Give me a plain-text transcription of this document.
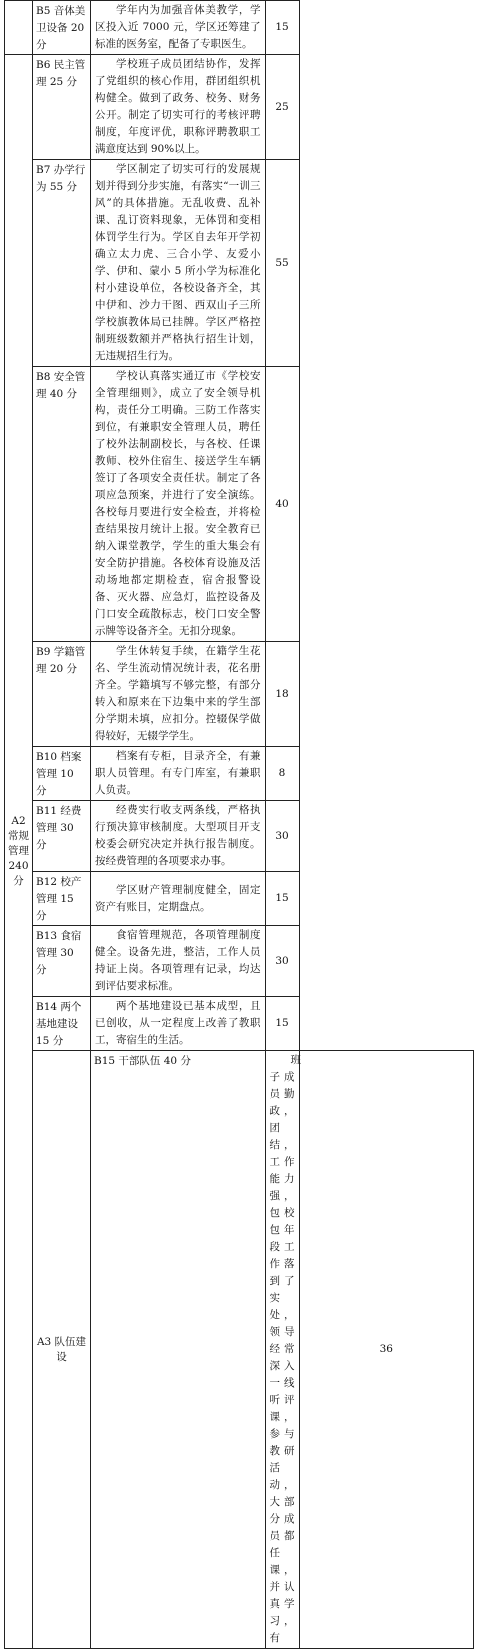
	B5 音体美卫设备 20 分	学年内为加强音体美教学，学区投入近 7000 元，学区还筹建了标准的医务室，配备了专职医生。	15	
A2 常规管理 240 分	B6 民主管理 25 分	学校班子成员团结协作，发挥了党组织的核心作用，群团组织机构健全。做到了政务、校务、财务公开。制定了切实可行的考核评聘制度，年度评优，职称评聘教职工满意度达到 90%以上。	25	
	B7 办学行为 55 分	学区制定了切实可行的发展规划并得到分步实施，有落实“一训三风”的具体措施。无乱收费、乱补课、乱订资料现象，无体罚和变相体罚学生行为。学区自去年开学初确立太力虎、三合小学、友爱小学、伊和、蒙小 5 所小学为标准化村小建设单位，各校设备齐全，其中伊和、沙力干图、西双山子三所学校旗教体局已挂牌。学区严格控制班级数额并严格执行招生计划，无违规招生行为。	55	
	B8 安全管理 40 分	学校认真落实通辽市《学校安全管理细则》，成立了安全领导机构，责任分工明确。三防工作落实到位，有兼职安全管理人员，聘任了校外法制副校长，与各校、任课教师、校外住宿生、接送学生车辆签订了各项安全责任状。制定了各项应急预案，并进行了安全演练。各校每月要进行安全检查，并将检查结果按月统计上报。安全教育已纳入课堂教学，学生的重大集会有安全防护措施。各校体育设施及活动场地都定期检查，宿舍报警设备、灭火器、应急灯，监控设备及门口安全疏散标志，校门口安全警示牌等设备齐全。无扣分现象。	40	
	B9 学籍管理 20 分	学生休转复手续，在籍学生花名、学生流动情况统计表，花名册齐全。学籍填写不够完整，有部分转入和原来在下边集中来的学生部分学期未填，应扣分。控辍保学做得较好，无辍学学生。	18	
	B10 档案管理 10 分	档案有专柜，目录齐全，有兼职人员管理。有专门库室，有兼职人负责。	8	
	B11 经费管理 30 分	经费实行收支两条线，严格执行预决算审核制度。大型项目开支校委会研究决定并执行报告制度。按经费管理的各项要求办事。	30	
	B12 校产管理 15 分	学区财产管理制度健全，固定资产有账目，定期盘点。	15	
	B13 食宿管理 30 分	食宿管理规范，各项管理制度健全。设备先进，整洁，工作人员持证上岗。各项管理有记录，均达到评估要求标准。	30	
	B14 两个基地建设 15 分	两个基地建设已基本成型，且已创收，从一定程度上改善了教职工，寄宿生的生活。	15	
	A3 队伍建设	B15 干部队伍 40 分	班子成员勤政，团结，工作能力强，包校包年段工作落到了实处，领导经常深入一线听评课，参与教研活动，大部分成员都任课，并认真学习，有	36
